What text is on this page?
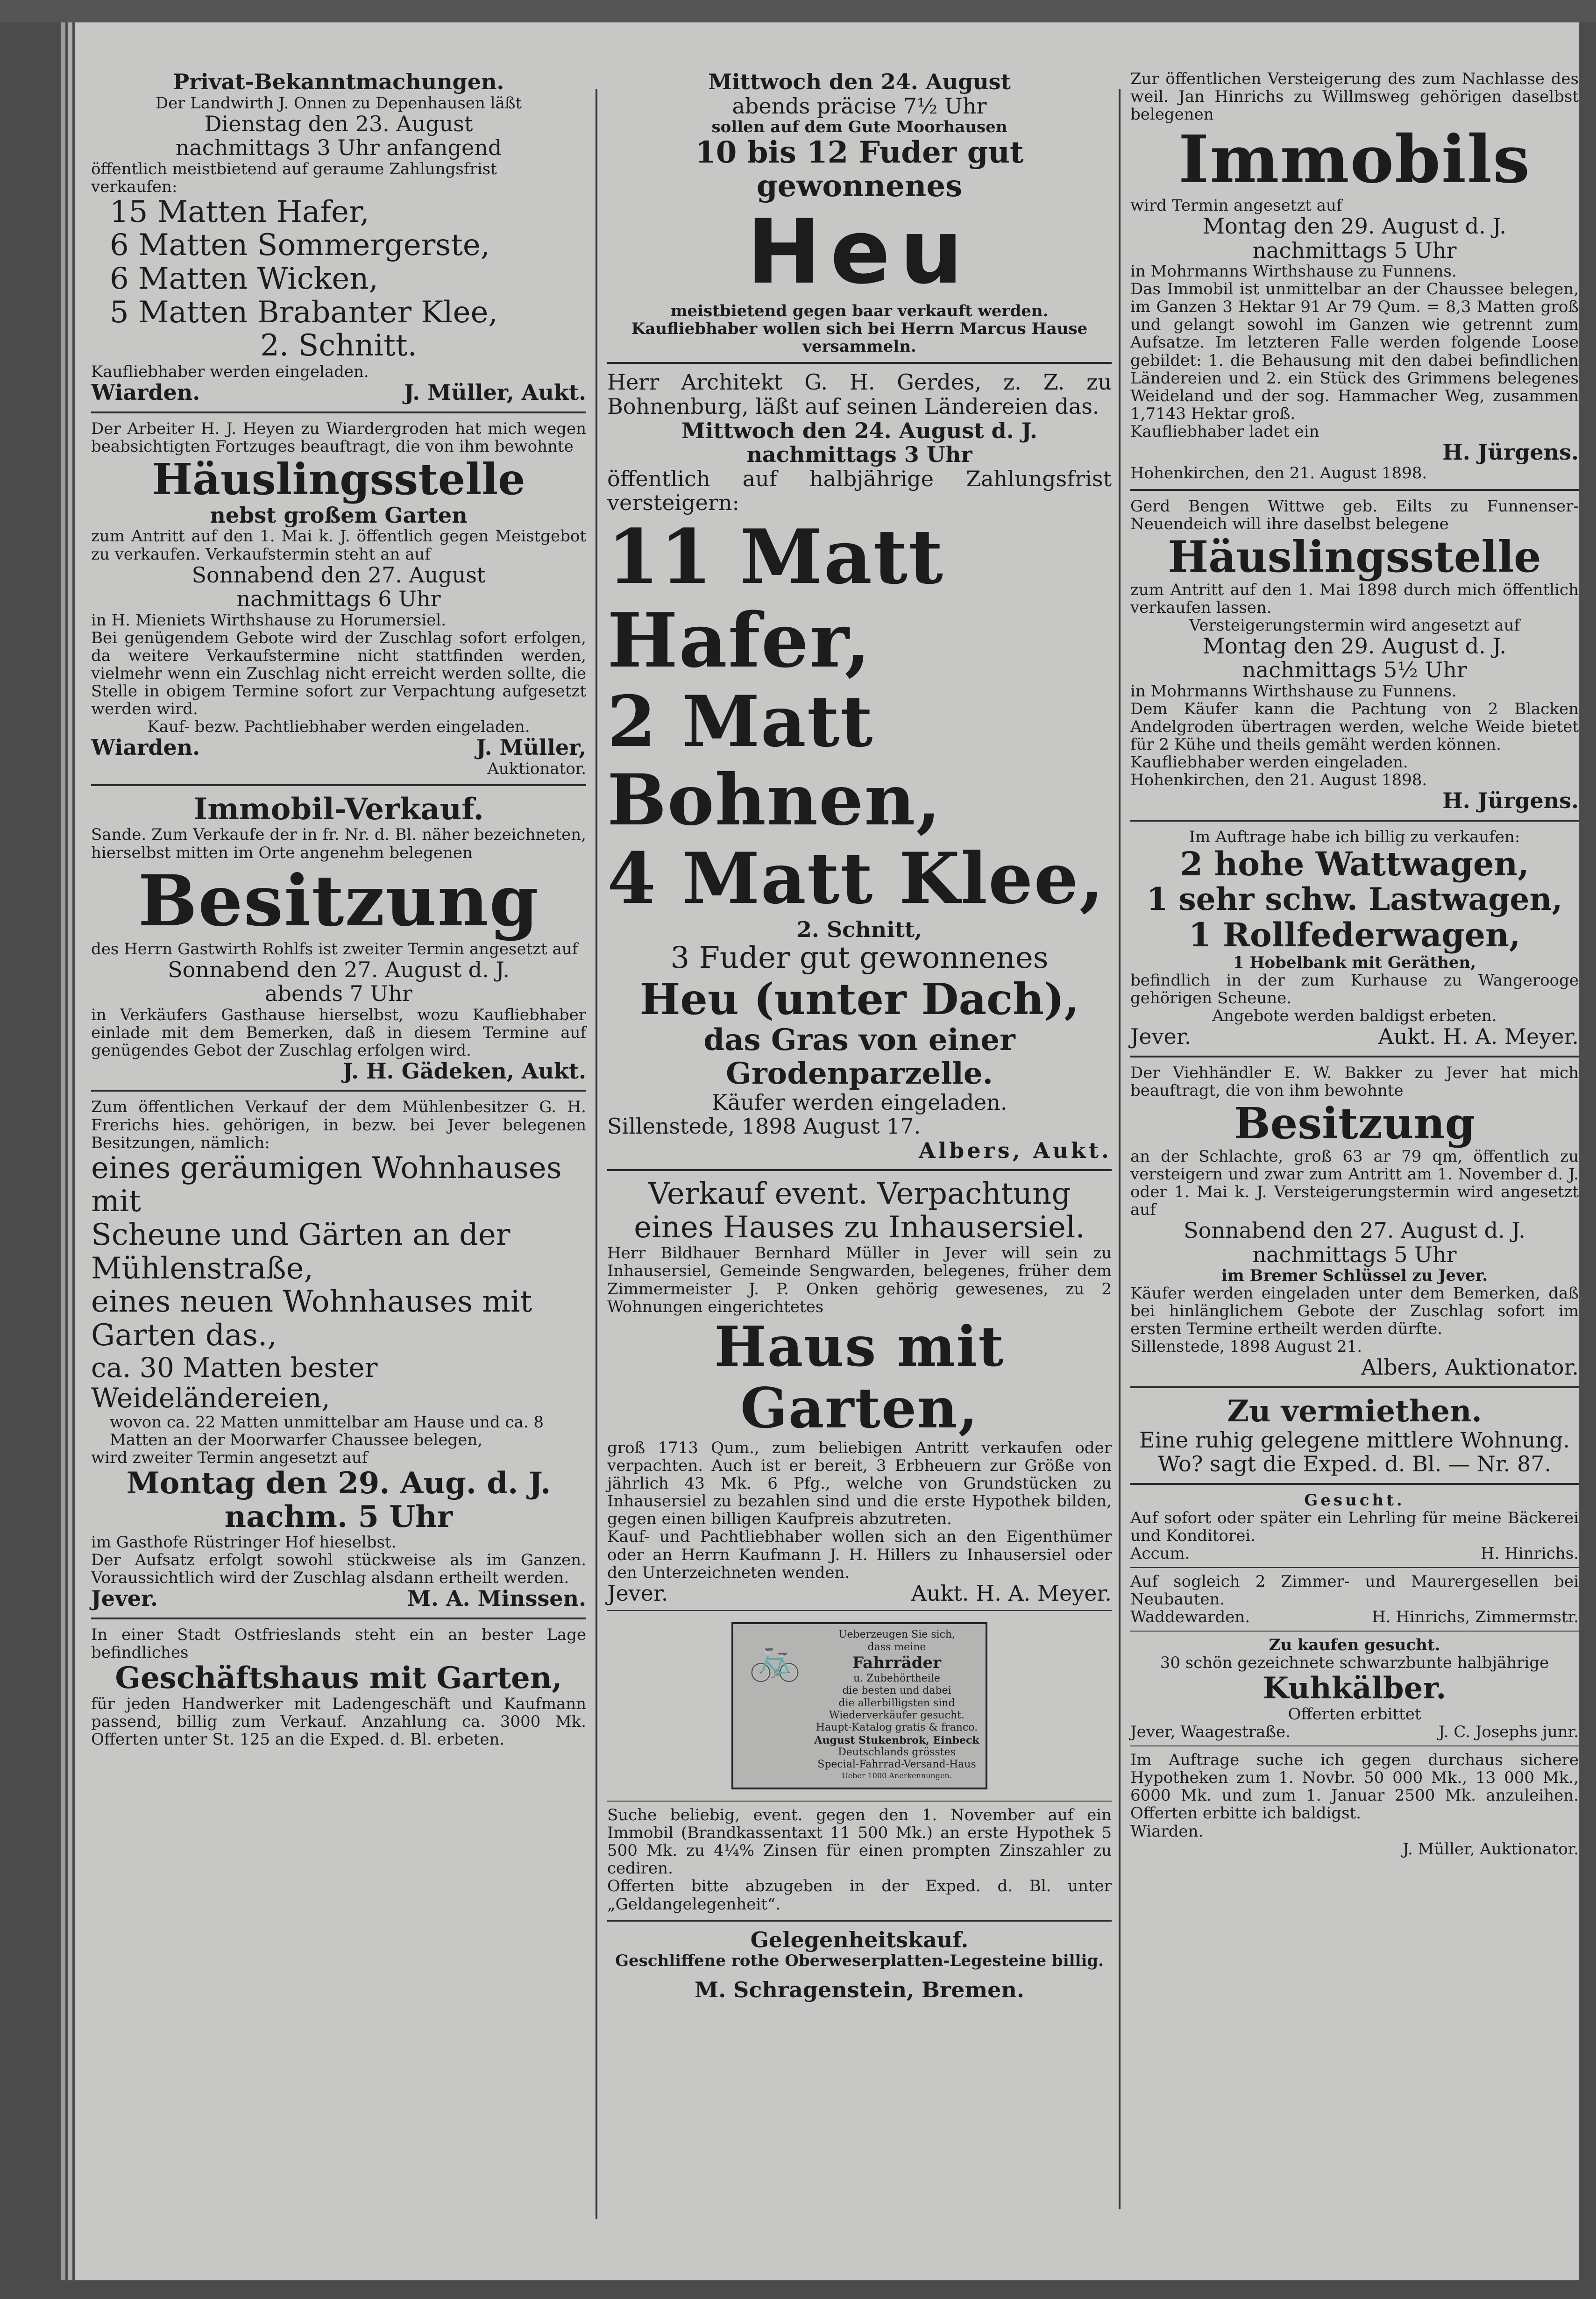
Privat-Bekanntmachungen.
Der Landwirth J. Onnen zu Depenhausen läßt
Dienstag den 23. August
nachmittags 3 Uhr anfangend
öffentlich meistbietend auf geraume Zahlungsfrist verkaufen:
15 Matten Hafer,
6 Matten Sommergerste,
6 Matten Wicken,
5 Matten Brabanter Klee,
2. Schnitt.
Kaufliebhaber werden eingeladen.
Wiarden.	J. Müller, Aukt.
Der Arbeiter H. J. Heyen zu Wiardergroden hat mich wegen beabsichtigten Fortzuges beauftragt, die von ihm bewohnte
Häuslingsstelle
nebst großem Garten
zum Antritt auf den 1. Mai k. J. öffentlich gegen Meistgebot zu verkaufen. Verkaufstermin steht an auf
Sonnabend den 27. August
nachmittags 6 Uhr
in H. Mieniets Wirthshause zu Horumersiel.
Bei genügendem Gebote wird der Zuschlag sofort erfolgen, da weitere Verkaufstermine nicht stattfinden werden, vielmehr wenn ein Zuschlag nicht erreicht werden sollte, die Stelle in obigem Termine sofort zur Verpachtung aufgesetzt werden wird.
Kauf- bezw. Pachtliebhaber werden eingeladen.
Wiarden.	J. Müller,
Auktionator.
Immobil-Verkauf.
Sande. Zum Verkaufe der in fr. Nr. d. Bl. näher bezeichneten, hierselbst mitten im Orte angenehm belegenen
Besitzung
des Herrn Gastwirth Rohlfs ist zweiter Termin angesetzt auf
Sonnabend den 27. August d. J.
abends 7 Uhr
in Verkäufers Gasthause hierselbst, wozu Kaufliebhaber einlade mit dem Bemerken, daß in diesem Termine auf genügendes Gebot der Zuschlag erfolgen wird.
J. H. Gädeken, Aukt.
Zum öffentlichen Verkauf der dem Mühlenbesitzer G. H. Frerichs hies. gehörigen, in bezw. bei Jever belegenen Besitzungen, nämlich:
eines geräumigen Wohnhauses mit
Scheune und Gärten an der
Mühlenstraße,
eines neuen Wohnhauses mit
Garten das.,
ca. 30 Matten bester Weideländereien,
wovon ca. 22 Matten unmittelbar am Hause und ca. 8 Matten an der Moorwarfer Chaussee belegen,
wird zweiter Termin angesetzt auf
Montag den 29. Aug. d. J.
nachm. 5 Uhr
im Gasthofe Rüstringer Hof hieselbst.
Der Aufsatz erfolgt sowohl stückweise als im Ganzen. Voraussichtlich wird der Zuschlag alsdann ertheilt werden.
Jever.	M. A. Minssen.
In einer Stadt Ostfrieslands steht ein an bester Lage befindliches
Geschäftshaus mit Garten,
für jeden Handwerker mit Ladengeschäft und Kaufmann passend, billig zum Verkauf. Anzahlung ca. 3000 Mk. Offerten unter St. 125 an die Exped. d. Bl. erbeten.
Mittwoch den 24. August
abends präcise 7½ Uhr
sollen auf dem Gute Moorhausen
10 bis 12 Fuder gut
gewonnenes
Heu
meistbietend gegen baar verkauft werden.
Kaufliebhaber wollen sich bei Herrn Marcus Hause versammeln.
Herr Architekt G. H. Gerdes, z. Z. zu Bohnenburg, läßt auf seinen Ländereien das.
Mittwoch den 24. August d. J.
nachmittags 3 Uhr
öffentlich auf halbjährige Zahlungsfrist versteigern:
11 Matt Hafer,
2 Matt Bohnen,
4 Matt Klee,
2. Schnitt,
3 Fuder gut gewonnenes
Heu (unter Dach),
das Gras von einer
Grodenparzelle.
Käufer werden eingeladen.
Sillenstede, 1898 August 17.
Albers, Aukt.
Verkauf event. Verpachtung
eines Hauses zu Inhausersiel.
Herr Bildhauer Bernhard Müller in Jever will sein zu Inhausersiel, Gemeinde Sengwarden, belegenes, früher dem Zimmermeister J. P. Onken gehörig gewesenes, zu 2 Wohnungen eingerichtetes
Haus mit Garten,
groß 1713 Qum., zum beliebigen Antritt verkaufen oder verpachten. Auch ist er bereit, 3 Erbheuern zur Größe von jährlich 43 Mk. 6 Pfg., welche von Grundstücken zu Inhausersiel zu bezahlen sind und die erste Hypothek bilden, gegen einen billigen Kaufpreis abzutreten.
Kauf- und Pachtliebhaber wollen sich an den Eigenthümer oder an Herrn Kaufmann J. H. Hillers zu Inhausersiel oder den Unterzeichneten wenden.
Jever.	Aukt. H. A. Meyer.
🚲	Ueberzeugen Sie sich,
dass meine
Fahrräder
u. Zubehörtheile
die besten und dabei
die allerbilligsten sind
Wiederverkäufer gesucht.
Haupt-Katalog gratis & franco.
August Stukenbrok, Einbeck
Deutschlands grösstes
Special-Fahrrad-Versand-Haus
Ueber 1000 Anerkennungen.
Suche beliebig, event. gegen den 1. November auf ein Immobil (Brandkassentaxt 11 500 Mk.) an erste Hypothek 5 500 Mk. zu 4¼% Zinsen für einen prompten Zinszahler zu cediren.
Offerten bitte abzugeben in der Exped. d. Bl. unter „Geldangelegenheit“.
Gelegenheitskauf.
Geschliffene rothe Oberweserplatten-Legesteine billig.
M. Schragenstein, Bremen.
Zur öffentlichen Versteigerung des zum Nachlasse des weil. Jan Hinrichs zu Willmsweg gehörigen daselbst belegenen
Immobils
wird Termin angesetzt auf
Montag den 29. August d. J.
nachmittags 5 Uhr
in Mohrmanns Wirthshause zu Funnens.
Das Immobil ist unmittelbar an der Chaussee belegen, im Ganzen 3 Hektar 91 Ar 79 Qum. = 8,3 Matten groß und gelangt sowohl im Ganzen wie getrennt zum Aufsatze. Im letzteren Falle werden folgende Loose gebildet: 1. die Behausung mit den dabei befindlichen Ländereien und 2. ein Stück des Grimmens belegenes Weideland und der sog. Hammacher Weg, zusammen 1,7143 Hektar groß.
Kaufliebhaber ladet ein
H. Jürgens.
Hohenkirchen, den 21. August 1898.
Gerd Bengen Wittwe geb. Eilts zu Funnenser-Neuendeich will ihre daselbst belegene
Häuslingsstelle
zum Antritt auf den 1. Mai 1898 durch mich öffentlich verkaufen lassen.
Versteigerungstermin wird angesetzt auf
Montag den 29. August d. J.
nachmittags 5½ Uhr
in Mohrmanns Wirthshause zu Funnens.
Dem Käufer kann die Pachtung von 2 Blacken Andelgroden übertragen werden, welche Weide bietet für 2 Kühe und theils gemäht werden können.
Kaufliebhaber werden eingeladen.
Hohenkirchen, den 21. August 1898.
H. Jürgens.
Im Auftrage habe ich billig zu verkaufen:
2 hohe Wattwagen,
1 sehr schw. Lastwagen,
1 Rollfederwagen,
1 Hobelbank mit Geräthen,
befindlich in der zum Kurhause zu Wangerooge gehörigen Scheune.
Angebote werden baldigst erbeten.
Jever.	Aukt. H. A. Meyer.
Der Viehhändler E. W. Bakker zu Jever hat mich beauftragt, die von ihm bewohnte
Besitzung
an der Schlachte, groß 63 ar 79 qm, öffentlich zu versteigern und zwar zum Antritt am 1. November d. J. oder 1. Mai k. J. Versteigerungstermin wird angesetzt auf
Sonnabend den 27. August d. J.
nachmittags 5 Uhr
im Bremer Schlüssel zu Jever.
Käufer werden eingeladen unter dem Bemerken, daß bei hinlänglichem Gebote der Zuschlag sofort im ersten Termine ertheilt werden dürfte.
Sillenstede, 1898 August 21.
Albers, Auktionator.
Zu vermiethen.
Eine ruhig gelegene mittlere Wohnung.
Wo? sagt die Exped. d. Bl. — Nr. 87.
Gesucht.
Auf sofort oder später ein Lehrling für meine Bäckerei und Konditorei.
Accum.	H. Hinrichs.
Auf sogleich 2 Zimmer- und Maurergesellen bei Neubauten.
Waddewarden.	H. Hinrichs, Zimmermstr.
Zu kaufen gesucht.
30 schön gezeichnete schwarzbunte halbjährige
Kuhkälber.
Offerten erbittet
Jever, Waagestraße.	J. C. Josephs junr.
Im Auftrage suche ich gegen durchaus sichere Hypotheken zum 1. Novbr. 50 000 Mk., 13 000 Mk., 6000 Mk. und zum 1. Januar 2500 Mk. anzuleihen. Offerten erbitte ich baldigst.
Wiarden.
J. Müller, Auktionator.
